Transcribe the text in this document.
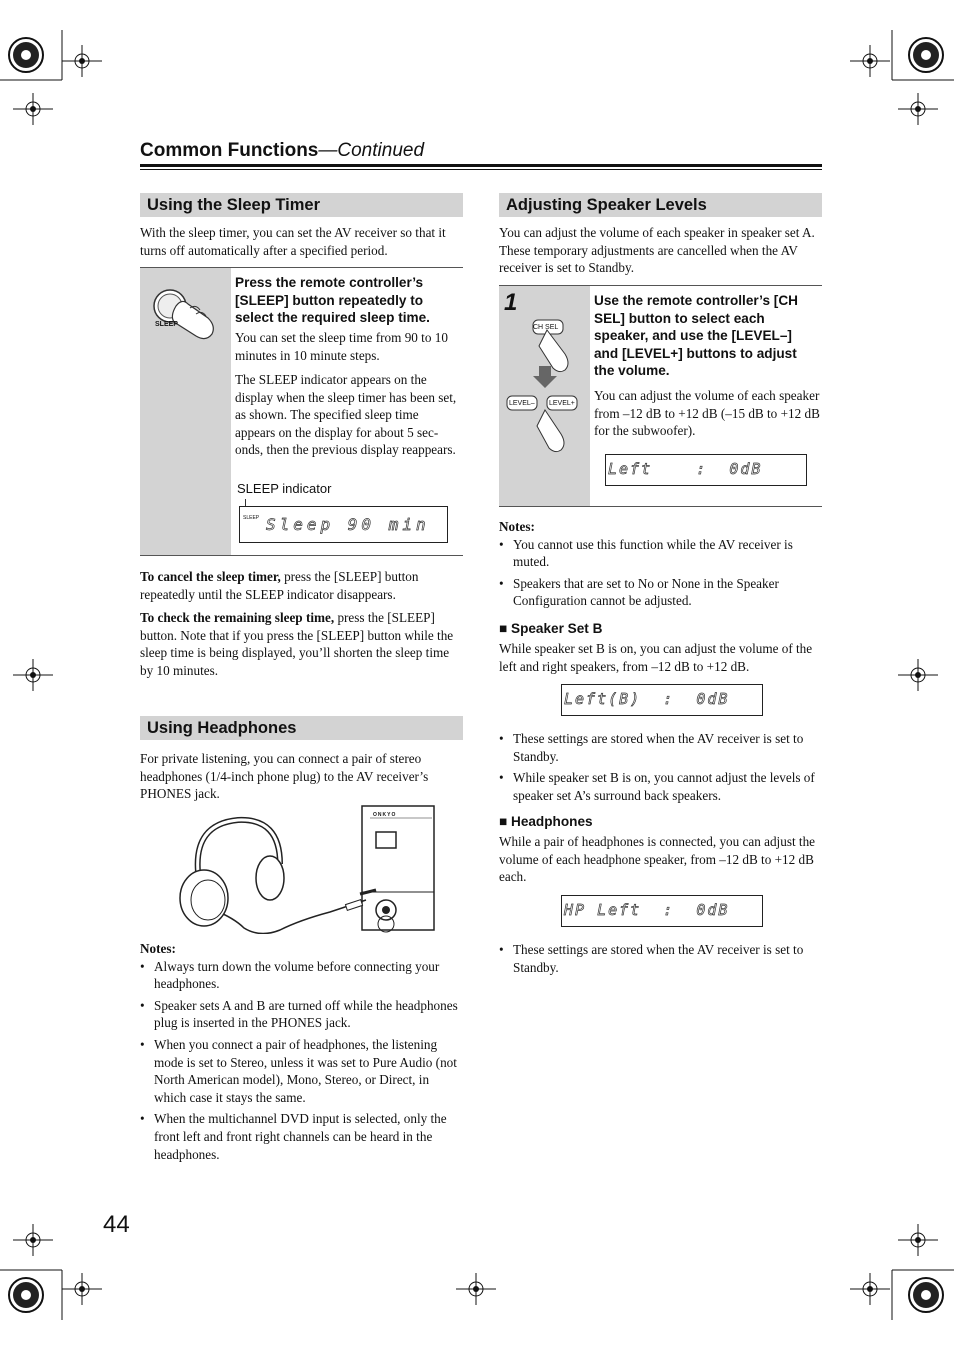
Common Functions—Continued
Using the Sleep Timer

With the sleep timer, you can set the AV receiver so that it turns off automatically after a specified period.

SLEEP

Press the remote controller’s [SLEEP] button repeatedly to select the required sleep time.

You can set the sleep time from 90 to 10 minutes in 10 minute steps.

The SLEEP indicator appears on the display when the sleep timer has been set, as shown. The specified sleep time appears on the display for about 5 seconds, then the previous display reappears.

SLEEP indicator
SLEEP Sleep 90 min

To cancel the sleep timer, press the [SLEEP] button repeatedly until the SLEEP indicator disappears.

To check the remaining sleep time, press the [SLEEP] button. Note that if you press the [SLEEP] button while the sleep time is being displayed, you’ll shorten the sleep time by 10 minutes.

Using Headphones

For private listening, you can connect a pair of stereo headphones (1/4-inch phone plug) to the AV receiver’s PHONES jack.

ONKYO
Notes:
• Always turn down the volume before connecting your headphones.
• Speaker sets A and B are turned off while the headphones plug is inserted in the PHONES jack.
• When you connect a pair of headphones, the listening mode is set to Stereo, unless it was set to Pure Audio (not North American model), Mono, Stereo, or Direct, in which case it stays the same.
• When the multichannel DVD input is selected, only the front left and front right channels can be heard in the headphones.
Adjusting Speaker Levels

You can adjust the volume of each speaker in speaker set A. These temporary adjustments are cancelled when the AV receiver is set to Standby.

1
CH SEL
LEVEL– LEVEL+

Use the remote controller’s [CH SEL] button to select each speaker, and use the [LEVEL–] and [LEVEL+] buttons to adjust the volume.

You can adjust the volume of each speaker from –12 dB to +12 dB (–15 dB to +12 dB for the subwoofer).

Left    :  0dB
Notes:
• You cannot use this function while the AV receiver is muted.
• Speakers that are set to No or None in the Speaker Configuration cannot be adjusted.
■ Speaker Set B

While speaker set B is on, you can adjust the volume of the left and right speakers, from –12 dB to +12 dB.

Left(B)  :  0dB
• These settings are stored when the AV receiver is set to Standby.
• While speaker set B is on, you cannot adjust the levels of speaker set A’s surround back speakers.
■ Headphones

While a pair of headphones is connected, you can adjust the volume of each headphone speaker, from –12 dB to +12 dB each.

HP Left  :  0dB
• These settings are stored when the AV receiver is set to Standby.
44
